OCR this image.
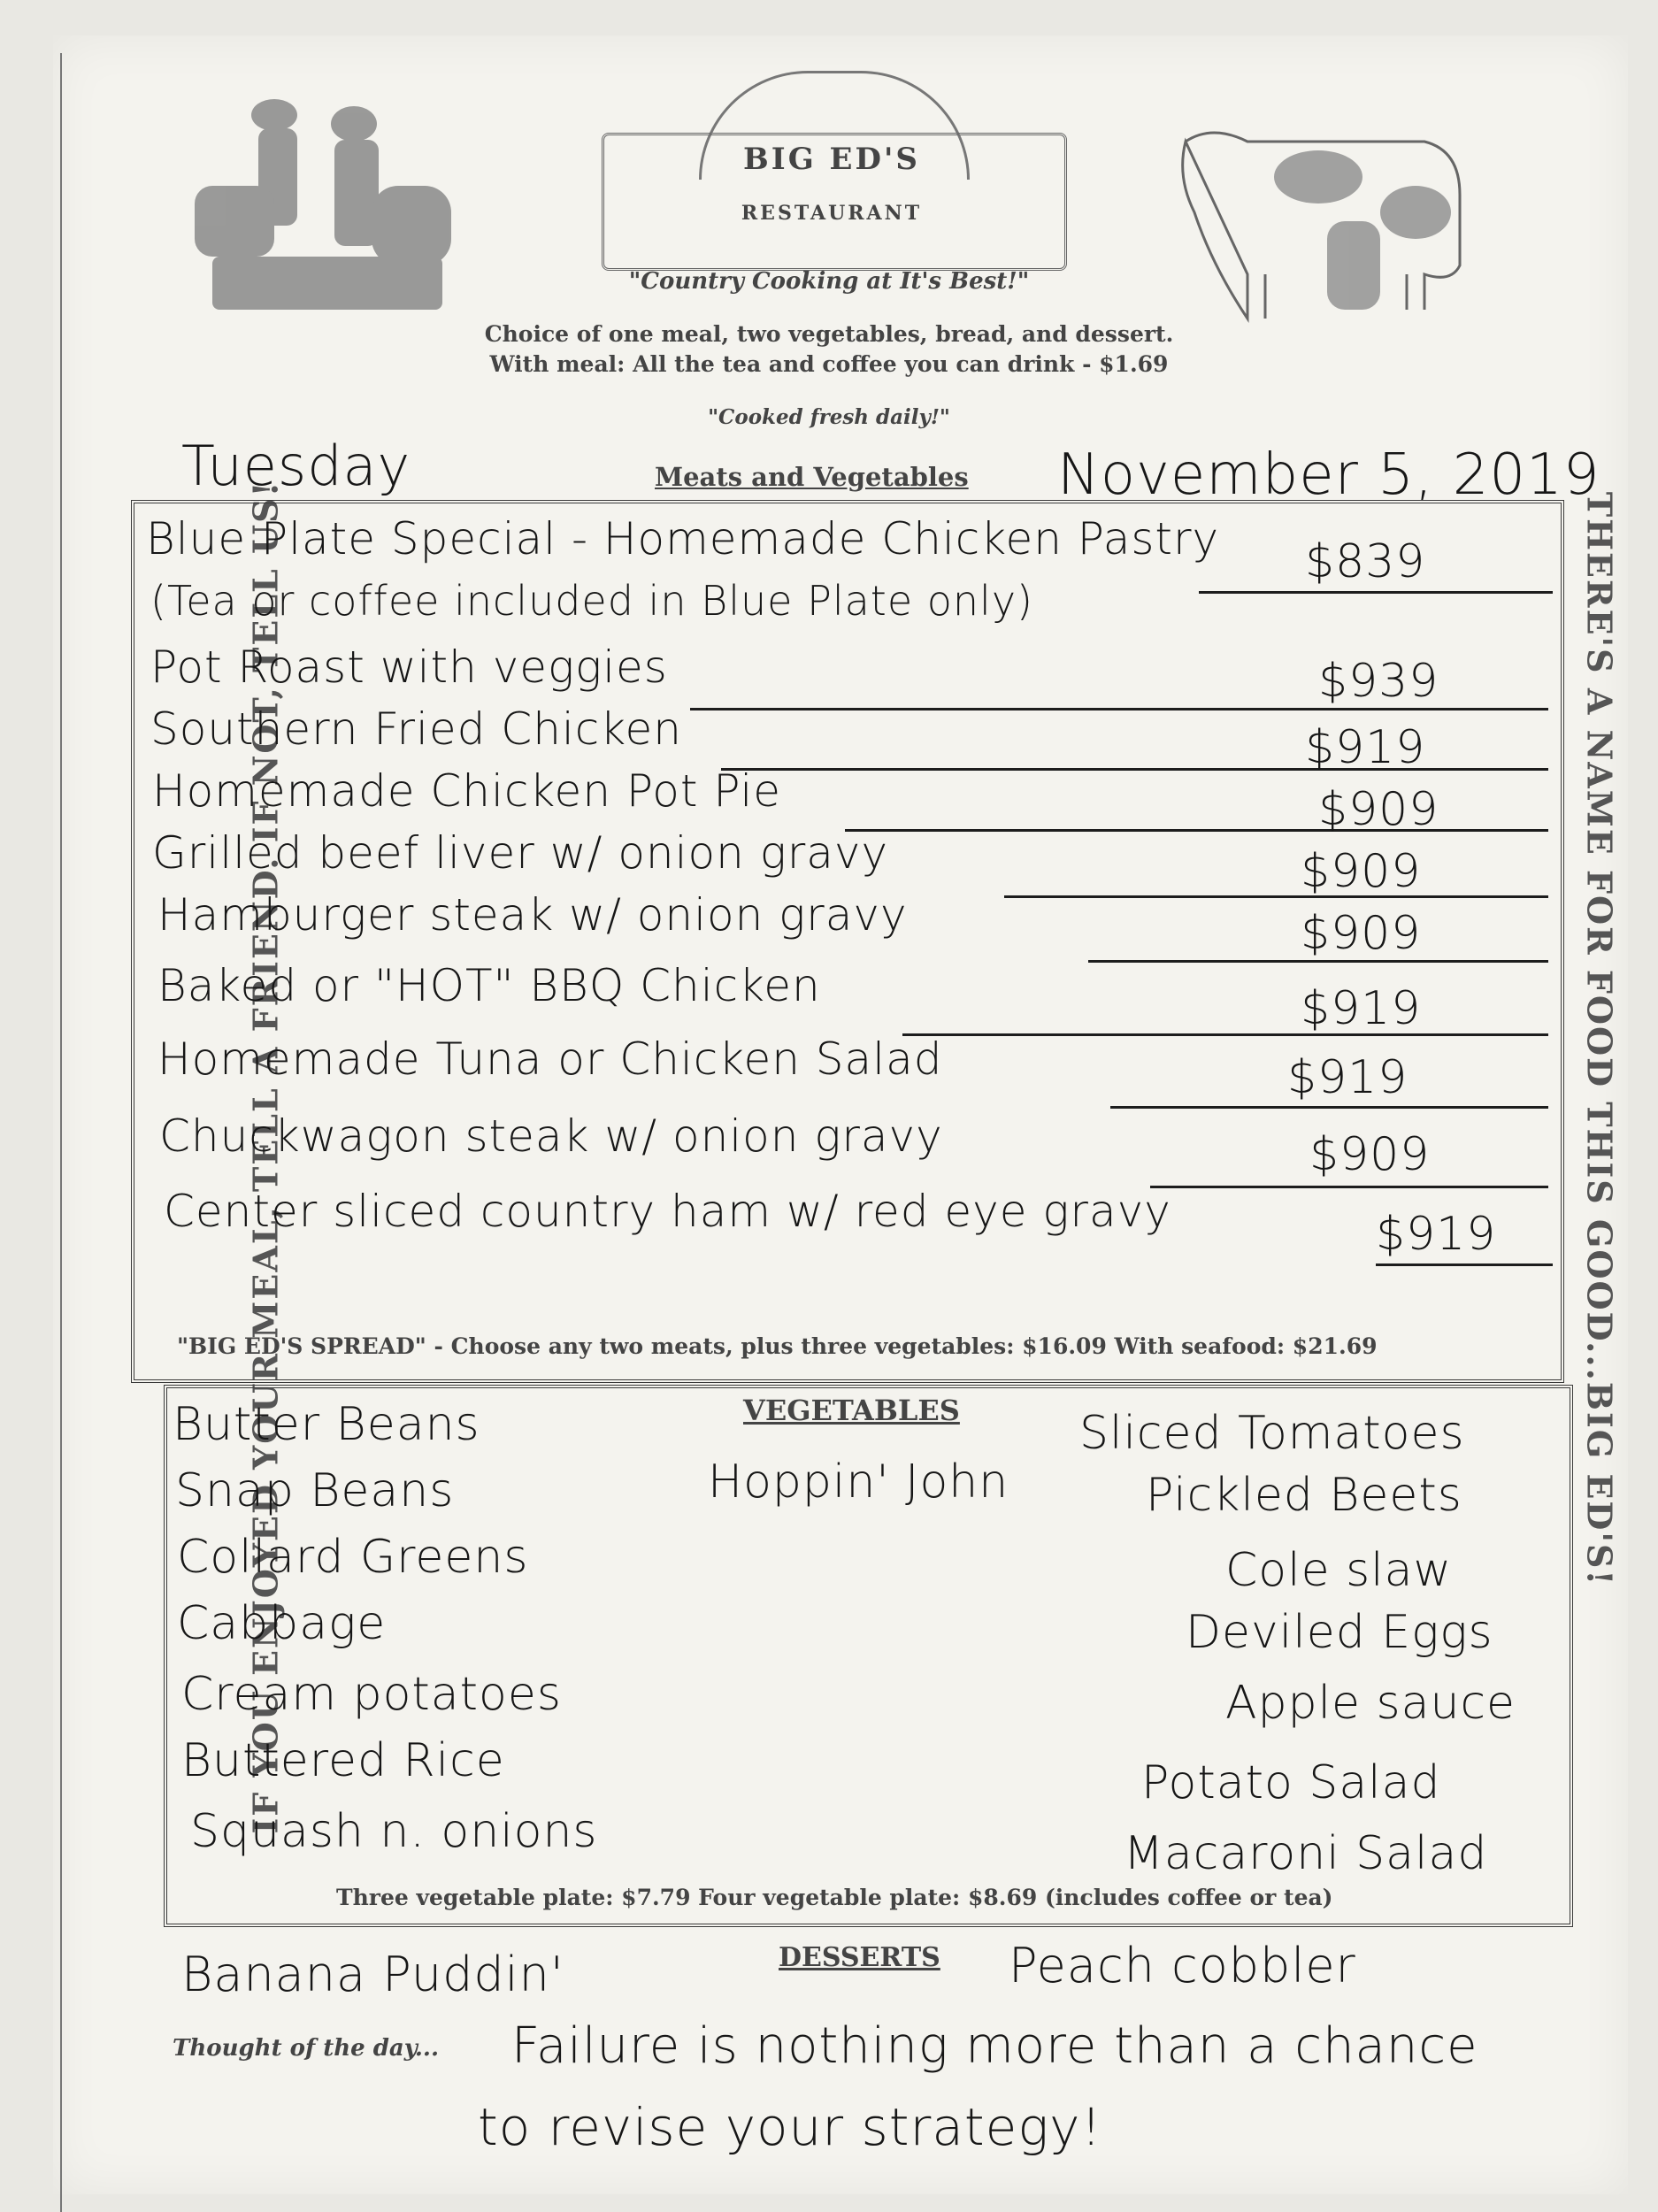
BIG ED'S
RESTAURANT
"Country Cooking at It's Best!"
Choice of one meal, two vegetables, bread, and dessert.
With meal: All the tea and coffee you can drink - $1.69
"Cooked fresh daily!"
Tuesday	Meats and Vegetables November 5, 2019
IF YOU ENJOYED YOUR MEAL, TELL A FRIEND. IF NOT, TELL US!	THERE'S A NAME FOR FOOD THIS GOOD...BIG ED'S!
Blue Plate Special - Homemade Chicken Pastry $839
(Tea or coffee included in Blue Plate only)
Pot Roast with veggies	$939
Southern Fried Chicken	$919
Homemade Chicken Pot Pie	$909
Grilled beef liver w/ onion gravy	$909
Hamburger steak w/ onion gravy	$909
Baked or "HOT" BBQ Chicken	$919
Homemade Tuna or Chicken Salad	$919
Chuckwagon steak w/ onion gravy	$909
Center sliced country ham w/ red eye gravy	$919
"BIG ED'S SPREAD" - Choose any two meats, plus three vegetables: $16.09 With seafood: $21.69
VEGETABLES
Butter Beans
Snap Beans
Collard Greens
Cabbage
Cream potatoes
Buttered Rice
Squash n. onions
Hoppin' John
Sliced Tomatoes
Pickled Beets
Cole slaw
Deviled Eggs
Apple sauce
Potato Salad
Macaroni Salad
Three vegetable plate: $7.79 Four vegetable plate: $8.69 (includes coffee or tea)
Banana Puddin'	DESSERTS Peach cobbler
Thought of the day... Failure is nothing more than a chance
to revise your strategy!
